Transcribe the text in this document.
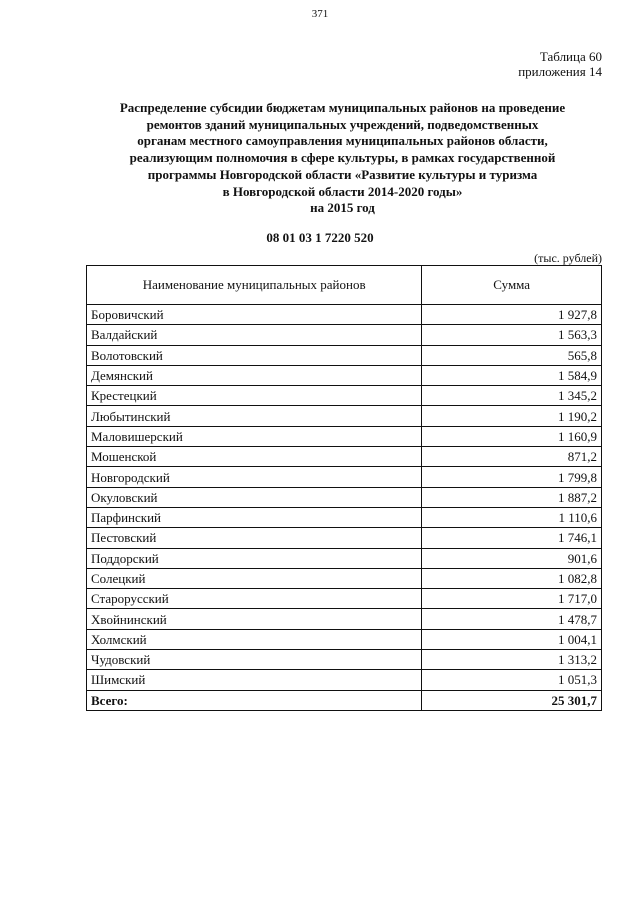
371
Таблица 60
приложения 14
Распределение субсидии бюджетам муниципальных районов на проведение
ремонтов зданий муниципальных учреждений, подведомственных
органам местного самоуправления муниципальных районов области,
реализующим полномочия в сфере культуры, в рамках государственной
программы Новгородской области «Развитие культуры и туризма
в Новгородской области 2014-2020 годы»
на 2015 год
08 01 03 1 7220 520
(тыс. рублей)
Наименование муниципальных районов	Сумма
Боровичский	1 927,8
Валдайский	1 563,3
Волотовский	565,8
Демянский	1 584,9
Крестецкий	1 345,2
Любытинский	1 190,2
Маловишерский	1 160,9
Мошенской	871,2
Новгородский	1 799,8
Окуловский	1 887,2
Парфинский	1 110,6
Пестовский	1 746,1
Поддорский	901,6
Солецкий	1 082,8
Старорусский	1 717,0
Хвойнинский	1 478,7
Холмский	1 004,1
Чудовский	1 313,2
Шимский	1 051,3
Всего:	25 301,7
